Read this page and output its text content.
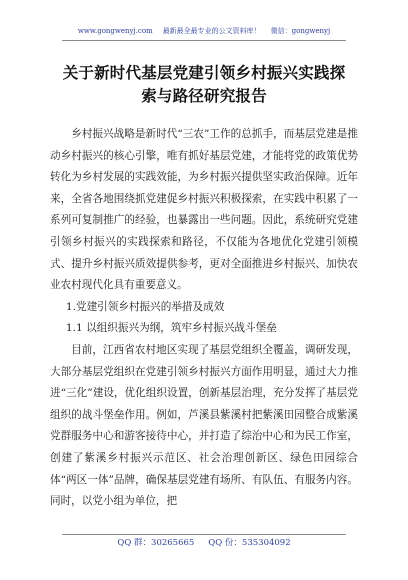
www.gongwenyj.com 最新最全最专业的公文资料库！ 微信：gongwenyj
关于新时代基层党建引领乡村振兴实践探索与路径研究报告

乡村振兴战略是新时代“三农”工作的总抓手，而基层党建是推动乡村振兴的核心引擎，唯有抓好基层党建，才能将党的政策优势转化为乡村发展的实践效能，为乡村振兴提供坚实政治保障。近年来，全省各地围绕抓党建促乡村振兴积极探索，在实践中积累了一系列可复制推广的经验，也暴露出一些问题。因此，系统研究党建引领乡村振兴的实践探索和路径，不仅能为各地优化党建引领模式、提升乡村振兴质效提供参考，更对全面推进乡村振兴、加快农业农村现代化具有重要意义。

1.党建引领乡村振兴的举措及成效

1.1 以组织振兴为纲，筑牢乡村振兴战斗堡垒

目前，江西省农村地区实现了基层党组织全覆盖，调研发现，大部分基层党组织在党建引领乡村振兴方面作用明显，通过大力推进“三化”建设，优化组织设置，创新基层治理，充分发挥了基层党组织的战斗堡垒作用。例如，芦溪县紫溪村把紫溪田园整合成紫溪党群服务中心和游客接待中心，并打造了综治中心和为民工作室，创建了紫溪乡村振兴示范区、社会治理创新区、绿色田园综合体“两区一体”品牌，确保基层党建有场所、有队伍、有服务内容。同时，以党小组为单位，把

QQ 群：30265665 QQ 份：535304092
